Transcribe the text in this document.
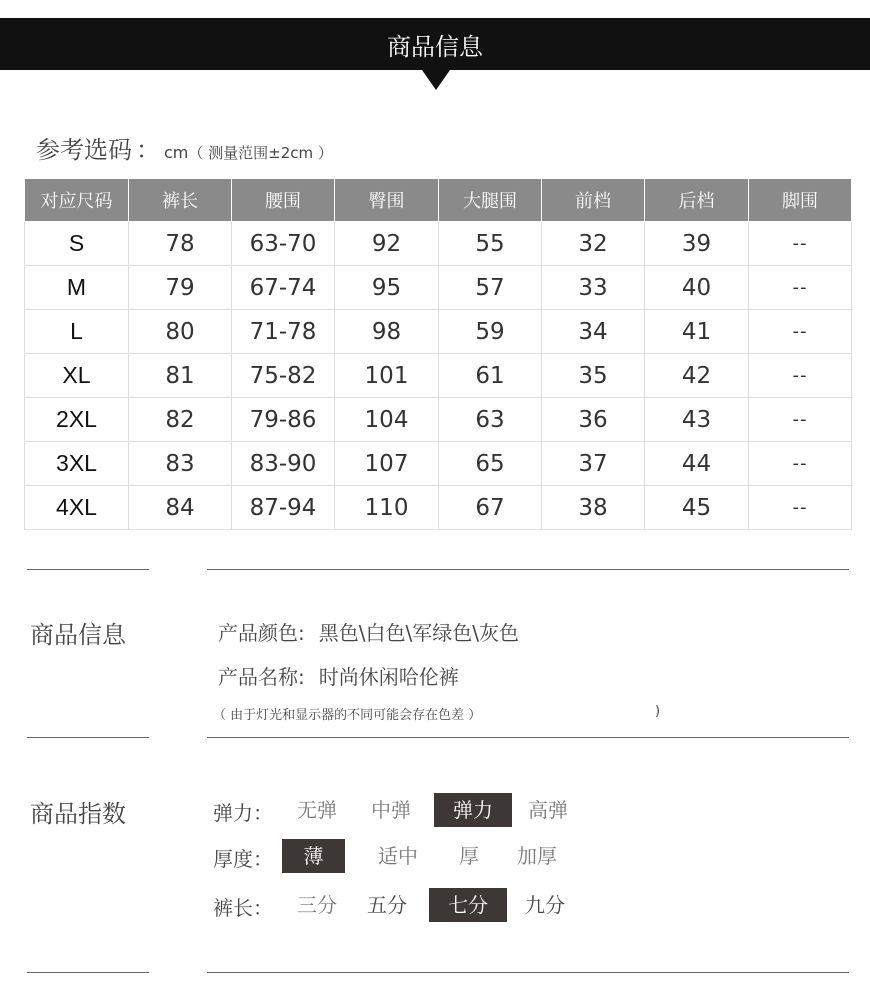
商品信息
参考选码 ： cm（ 测量范围±2cm ）
对应尺码	裤长	腰围	臀围	大腿围	前档	后档	脚围
S	78	63-70	92	55	32	39	--
M	79	67-74	95	57	33	40	--
L	80	71-78	98	59	34	41	--
XL	81	75-82	101	61	35	42	--
2XL	82	79-86	104	63	36	43	--
3XL	83	83-90	107	65	37	44	--
4XL	84	87-94	110	67	38	45	--
商品信息	产品颜色: 黑色\白色\军绿色\灰色
产品名称: 时尚休闲哈伦裤
（ 由于灯光和显示器的不同可能会存在色差 ）	)
商品指数	弹力：	无弹	中弹	弹力	高弹
厚度：	薄	适中	厚	加厚
裤长：	三分	五分	七分	九分
